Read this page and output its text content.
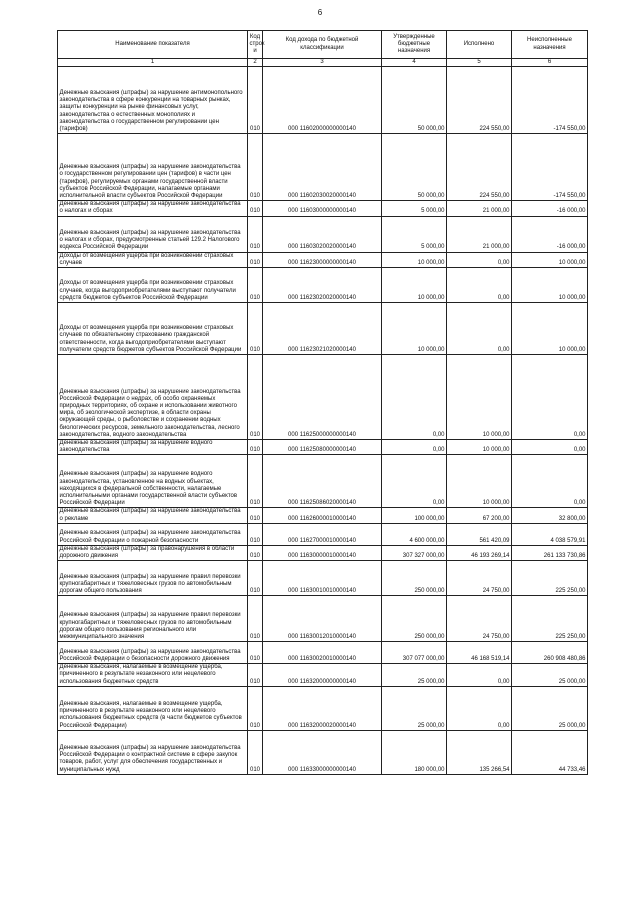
6
Наименование показателя	Код строк и	Код дохода по бюджетной классификации	Утвержденные бюджетные назначения	Исполнено	Неисполненные назначения
1	2	3	4	5	6
Денежные взыскания (штрафы) за нарушение антимонопольного законодательства в сфере конкуренции на товарных рынках, защиты конкуренции на рынке финансовых услуг, законодательства о естественных монополиях и законодательства о государственном регулировании цен (тарифов)	010	000 11602000000000140	50 000,00	224 550,00	-174 550,00
Денежные взыскания (штрафы) за нарушение законодательства о государственном регулировании цен (тарифов) в части цен (тарифов), регулируемых органами государственной власти субъектов Российской Федерации, налагаемые органами исполнительной власти субъектов Российской Федерации	010	000 11602030020000140	50 000,00	224 550,00	-174 550,00
Денежные взыскания (штрафы) за нарушение законодательства о налогах и сборах	010	000 11603000000000140	5 000,00	21 000,00	-16 000,00
Денежные взыскания (штрафы) за нарушение законодательства о налогах и сборах, предусмотренные статьей 129.2 Налогового кодекса Российской Федерации	010	000 11603020020000140	5 000,00	21 000,00	-16 000,00
Доходы от возмещения ущерба при возникновении страховых случаев	010	000 11623000000000140	10 000,00	0,00	10 000,00
Доходы от возмещения ущерба при возникновении страховых случаев, когда выгодоприобретателями выступают получатели средств бюджетов субъектов Российской Федерации	010	000 11623020020000140	10 000,00	0,00	10 000,00
Доходы от возмещения ущерба при возникновении страховых случаев по обязательному страхованию гражданской ответственности, когда выгодоприобретателями выступают получатели средств бюджетов субъектов Российской Федерации	010	000 11623021020000140	10 000,00	0,00	10 000,00
Денежные взыскания (штрафы) за нарушение законодательства Российской Федерации о недрах, об особо охраняемых природных территориях, об охране и использовании животного мира, об экологической экспертизе, в области охраны окружающей среды, о рыболовстве и сохранении водных биологических ресурсов, земельного законодательства, лесного законодательства, водного законодательства	010	000 11625000000000140	0,00	10 000,00	0,00
Денежные взыскания (штрафы) за нарушение водного законодательства	010	000 11625080000000140	0,00	10 000,00	0,00
Денежные взыскания (штрафы) за нарушение водного законодательства, установленное на водных объектах, находящихся в федеральной собственности, налагаемые исполнительными органами государственной власти субъектов Российской Федерации	010	000 11625086020000140	0,00	10 000,00	0,00
Денежные взыскания (штрафы) за нарушение законодательства о рекламе	010	000 11626000010000140	100 000,00	67 200,00	32 800,00
Денежные взыскания (штрафы) за нарушение законодательства Российской Федерации о пожарной безопасности	010	000 11627000010000140	4 600 000,00	561 420,09	4 038 579,91
Денежные взыскания (штрафы) за правонарушения в области дорожного движения	010	000 11630000010000140	307 327 000,00	46 193 269,14	261 133 730,86
Денежные взыскания (штрафы) за нарушение правил перевозки крупногабаритных и тяжеловесных грузов по автомобильным дорогам общего пользования	010	000 11630010010000140	250 000,00	24 750,00	225 250,00
Денежные взыскания (штрафы) за нарушение правил перевозки крупногабаритных и тяжеловесных грузов по автомобильным дорогам общего пользования регионального или межмуниципального значения	010	000 11630012010000140	250 000,00	24 750,00	225 250,00
Денежные взыскания (штрафы) за нарушение законодательства Российской Федерации о безопасности дорожного движения	010	000 11630020010000140	307 077 000,00	46 168 519,14	260 908 480,86
Денежные взыскания, налагаемые в возмещение ущерба, причиненного в результате незаконного или нецелевого использования бюджетных средств	010	000 11632000000000140	25 000,00	0,00	25 000,00
Денежные взыскания, налагаемые в возмещение ущерба, причиненного в результате незаконного или нецелевого использования бюджетных средств (в части бюджетов субъектов Российской Федерации)	010	000 11632000020000140	25 000,00	0,00	25 000,00
Денежные взыскания (штрафы) за нарушение законодательства Российской Федерации о контрактной системе в сфере закупок товаров, работ, услуг для обеспечения государственных и муниципальных нужд	010	000 11633000000000140	180 000,00	135 266,54	44 733,46
